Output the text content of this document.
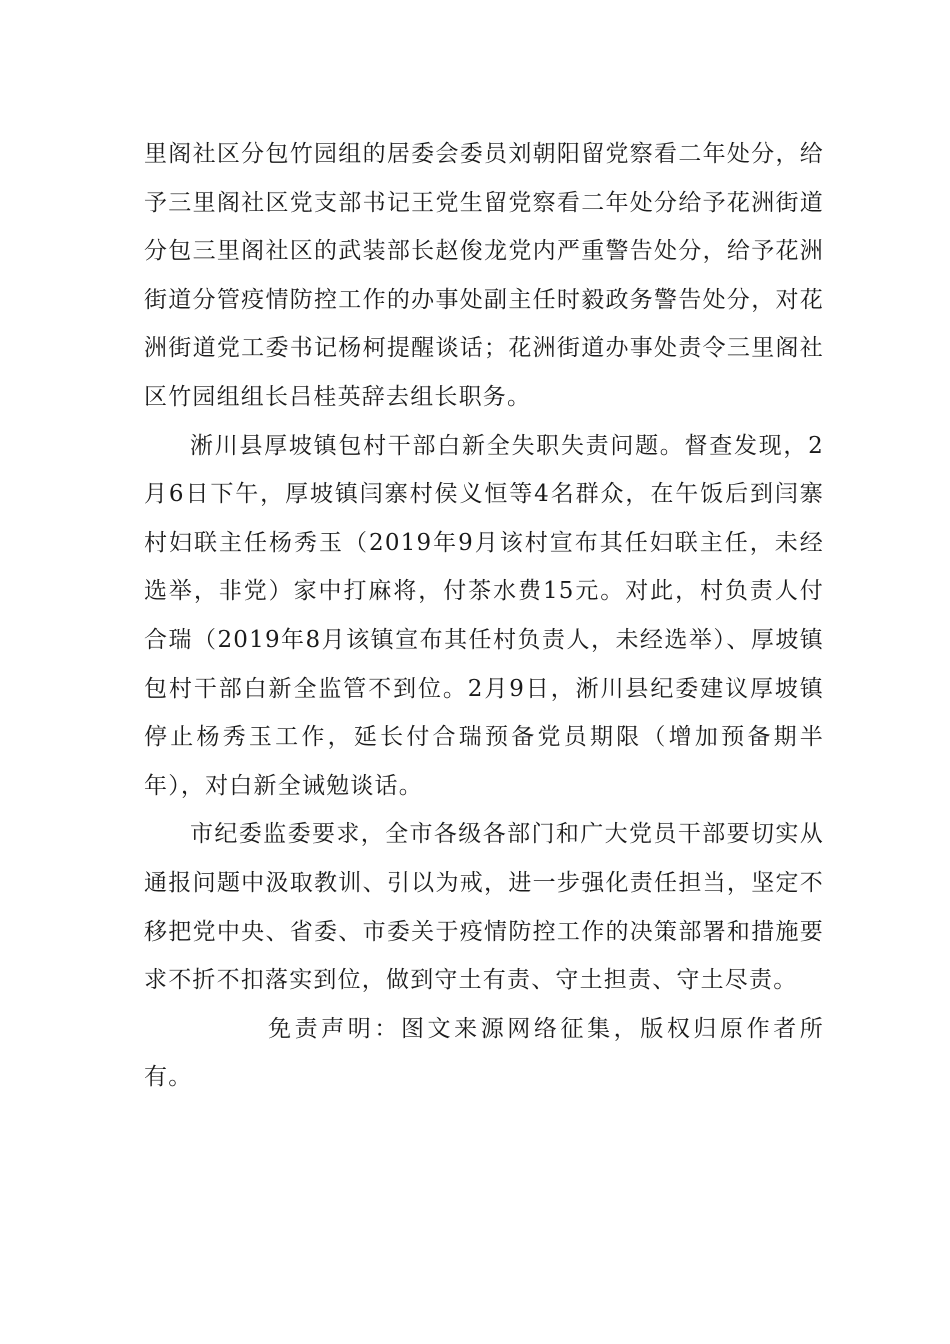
里阁社区分包竹园组的居委会委员刘朝阳留党察看二年处分，给予三里阁社区党支部书记王党生留党察看二年处分给予花洲街道分包三里阁社区的武装部长赵俊龙党内严重警告处分，给予花洲街道分管疫情防控工作的办事处副主任时毅政务警告处分，对花洲街道党工委书记杨柯提醒谈话；花洲街道办事处责令三里阁社区竹园组组长吕桂英辞去组长职务。

淅川县厚坡镇包村干部白新全失职失责问题。督查发现，2月6日下午，厚坡镇闫寨村侯义恒等4名群众，在午饭后到闫寨村妇联主任杨秀玉（2019年9月该村宣布其任妇联主任，未经选举，非党）家中打麻将，付茶水费15元。对此，村负责人付合瑞（2019年8月该镇宣布其任村负责人，未经选举）、厚坡镇包村干部白新全监管不到位。2月9日，淅川县纪委建议厚坡镇停止杨秀玉工作，延长付合瑞预备党员期限（增加预备期半年），对白新全诫勉谈话。

市纪委监委要求，全市各级各部门和广大党员干部要切实从通报问题中汲取教训、引以为戒，进一步强化责任担当，坚定不移把党中央、省委、市委关于疫情防控工作的决策部署和措施要求不折不扣落实到位，做到守土有责、守土担责、守土尽责。

免责声明：图文来源网络征集，版权归原作者所有。
